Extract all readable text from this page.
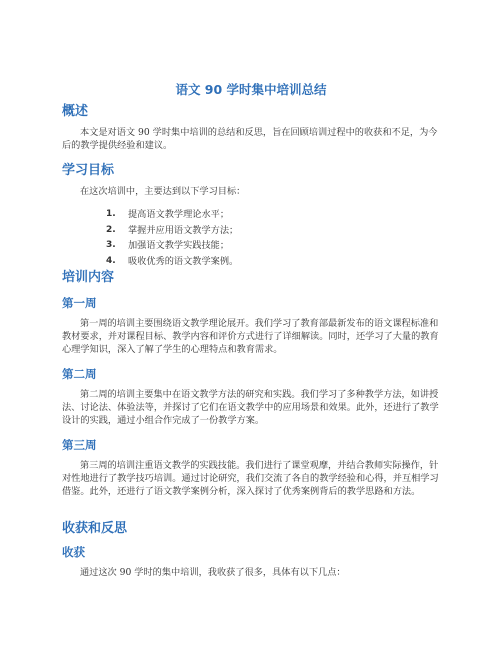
语文 90 学时集中培训总结
概述
本文是对语文 90 学时集中培训的总结和反思，旨在回顾培训过程中的收获和不足，为今后的教学提供经验和建议。
学习目标
在这次培训中，主要达到以下学习目标：
1. 提高语文教学理论水平；
2. 掌握并应用语文教学方法；
3. 加强语文教学实践技能；
4. 吸收优秀的语文教学案例。
培训内容
第一周
第一周的培训主要围绕语文教学理论展开。我们学习了教育部最新发布的语文课程标准和教材要求，并对课程目标、教学内容和评价方式进行了详细解读。同时，还学习了大量的教育心理学知识，深入了解了学生的心理特点和教育需求。
第二周
第二周的培训主要集中在语文教学方法的研究和实践。我们学习了多种教学方法，如讲授法、讨论法、体验法等，并探讨了它们在语文教学中的应用场景和效果。此外，还进行了教学设计的实践，通过小组合作完成了一份教学方案。
第三周
第三周的培训注重语文教学的实践技能。我们进行了课堂观摩，并结合教师实际操作，针对性地进行了教学技巧培训。通过讨论研究，我们交流了各自的教学经验和心得，并互相学习借鉴。此外，还进行了语文教学案例分析，深入探讨了优秀案例背后的教学思路和方法。
收获和反思
收获
通过这次 90 学时的集中培训，我收获了很多，具体有以下几点：
